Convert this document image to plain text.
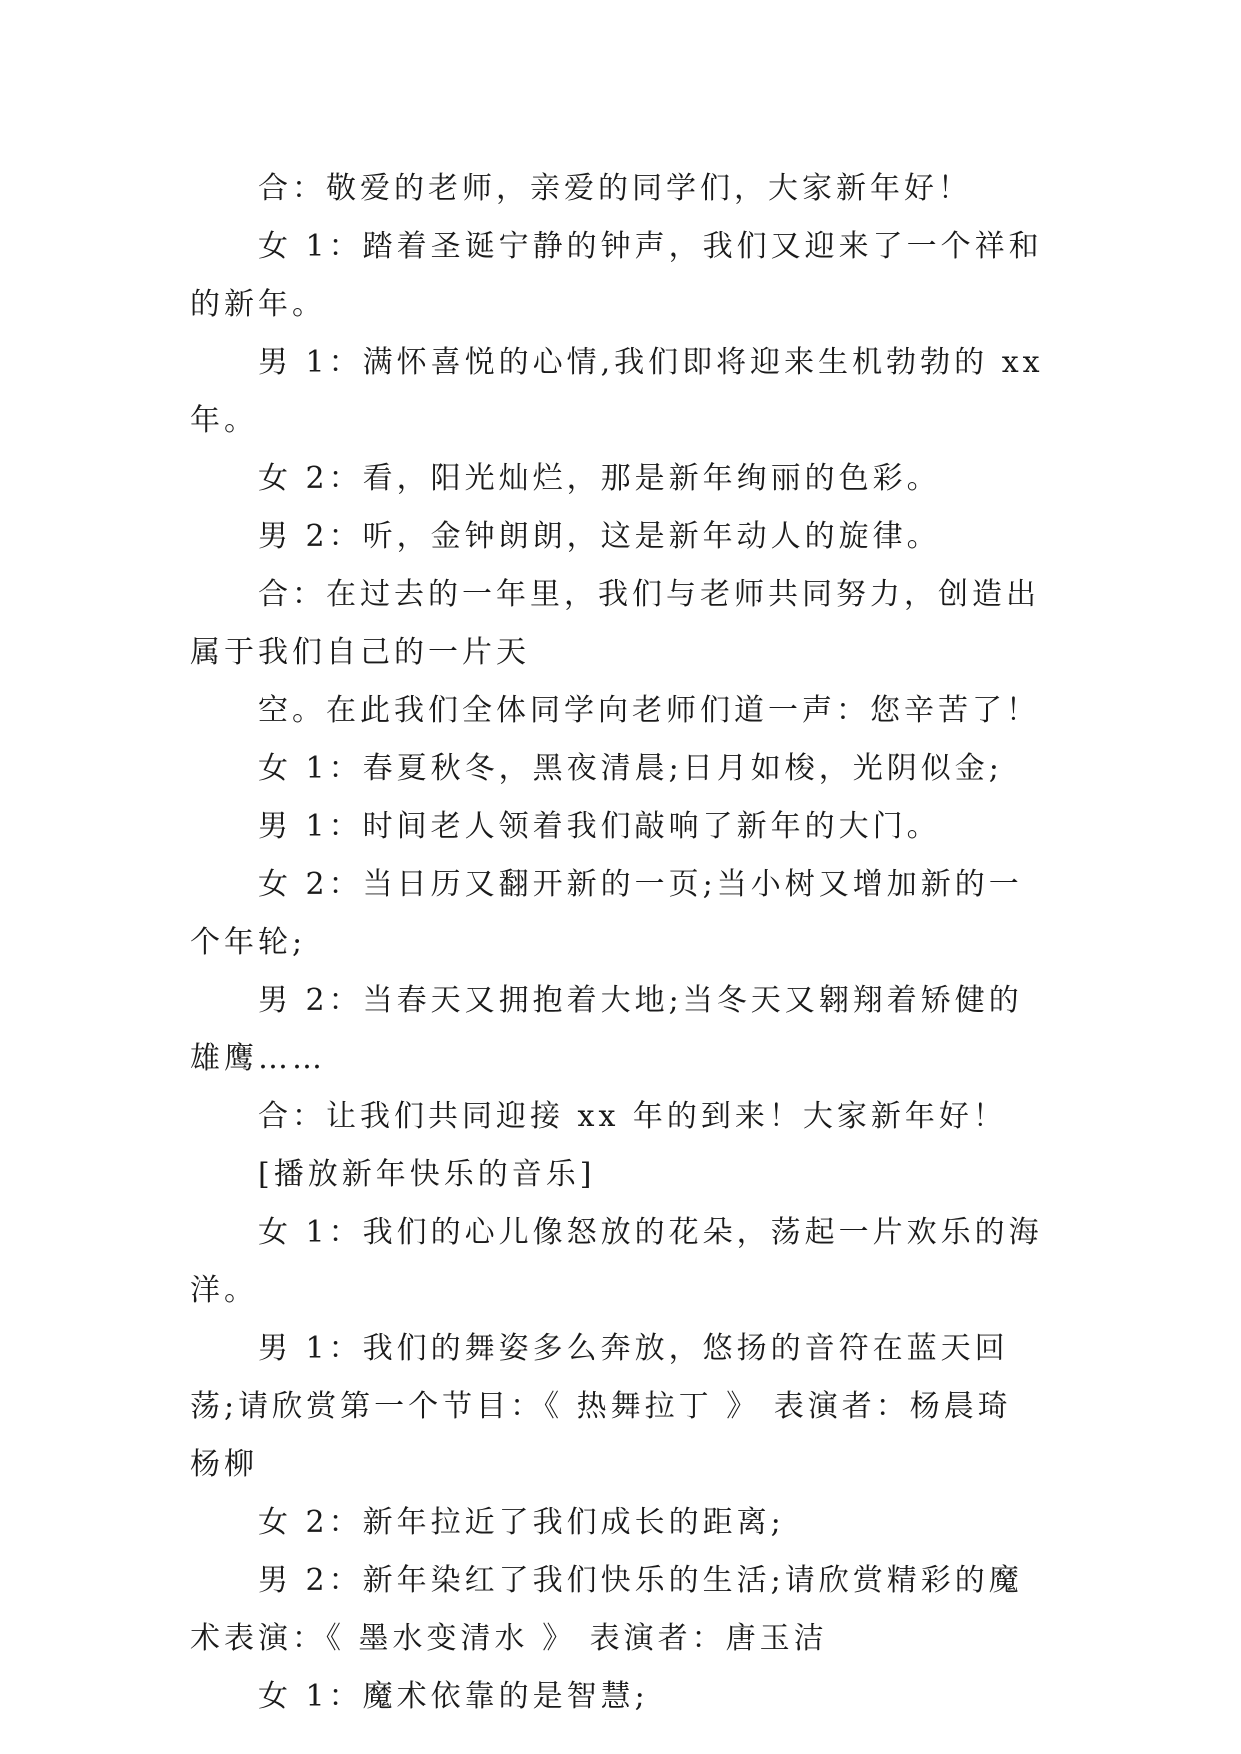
合：敬爱的老师，亲爱的同学们，大家新年好！

女 1：踏着圣诞宁静的钟声，我们又迎来了一个祥和的新年。

男 1：满怀喜悦的心情,我们即将迎来生机勃勃的 xx 年。

女 2：看，阳光灿烂，那是新年绚丽的色彩。

男 2：听，金钟朗朗，这是新年动人的旋律。

合：在过去的一年里，我们与老师共同努力，创造出属于我们自己的一片天

空。在此我们全体同学向老师们道一声：您辛苦了！

女 1：春夏秋冬，黑夜清晨;日月如梭，光阴似金;

男 1：时间老人领着我们敲响了新年的大门。

女 2：当日历又翻开新的一页;当小树又增加新的一个年轮;

男 2：当春天又拥抱着大地;当冬天又翱翔着矫健的雄鹰……

合：让我们共同迎接 xx 年的到来！大家新年好！

[播放新年快乐的音乐]

女 1：我们的心儿像怒放的花朵，荡起一片欢乐的海洋。

男 1：我们的舞姿多么奔放，悠扬的音符在蓝天回荡;请欣赏第一个节目：《 热舞拉丁 》 表演者：杨晨琦 杨柳

女 2：新年拉近了我们成长的距离;

男 2：新年染红了我们快乐的生活;请欣赏精彩的魔术表演：《 墨水变清水 》 表演者：唐玉洁

女 1：魔术依靠的是智慧;
